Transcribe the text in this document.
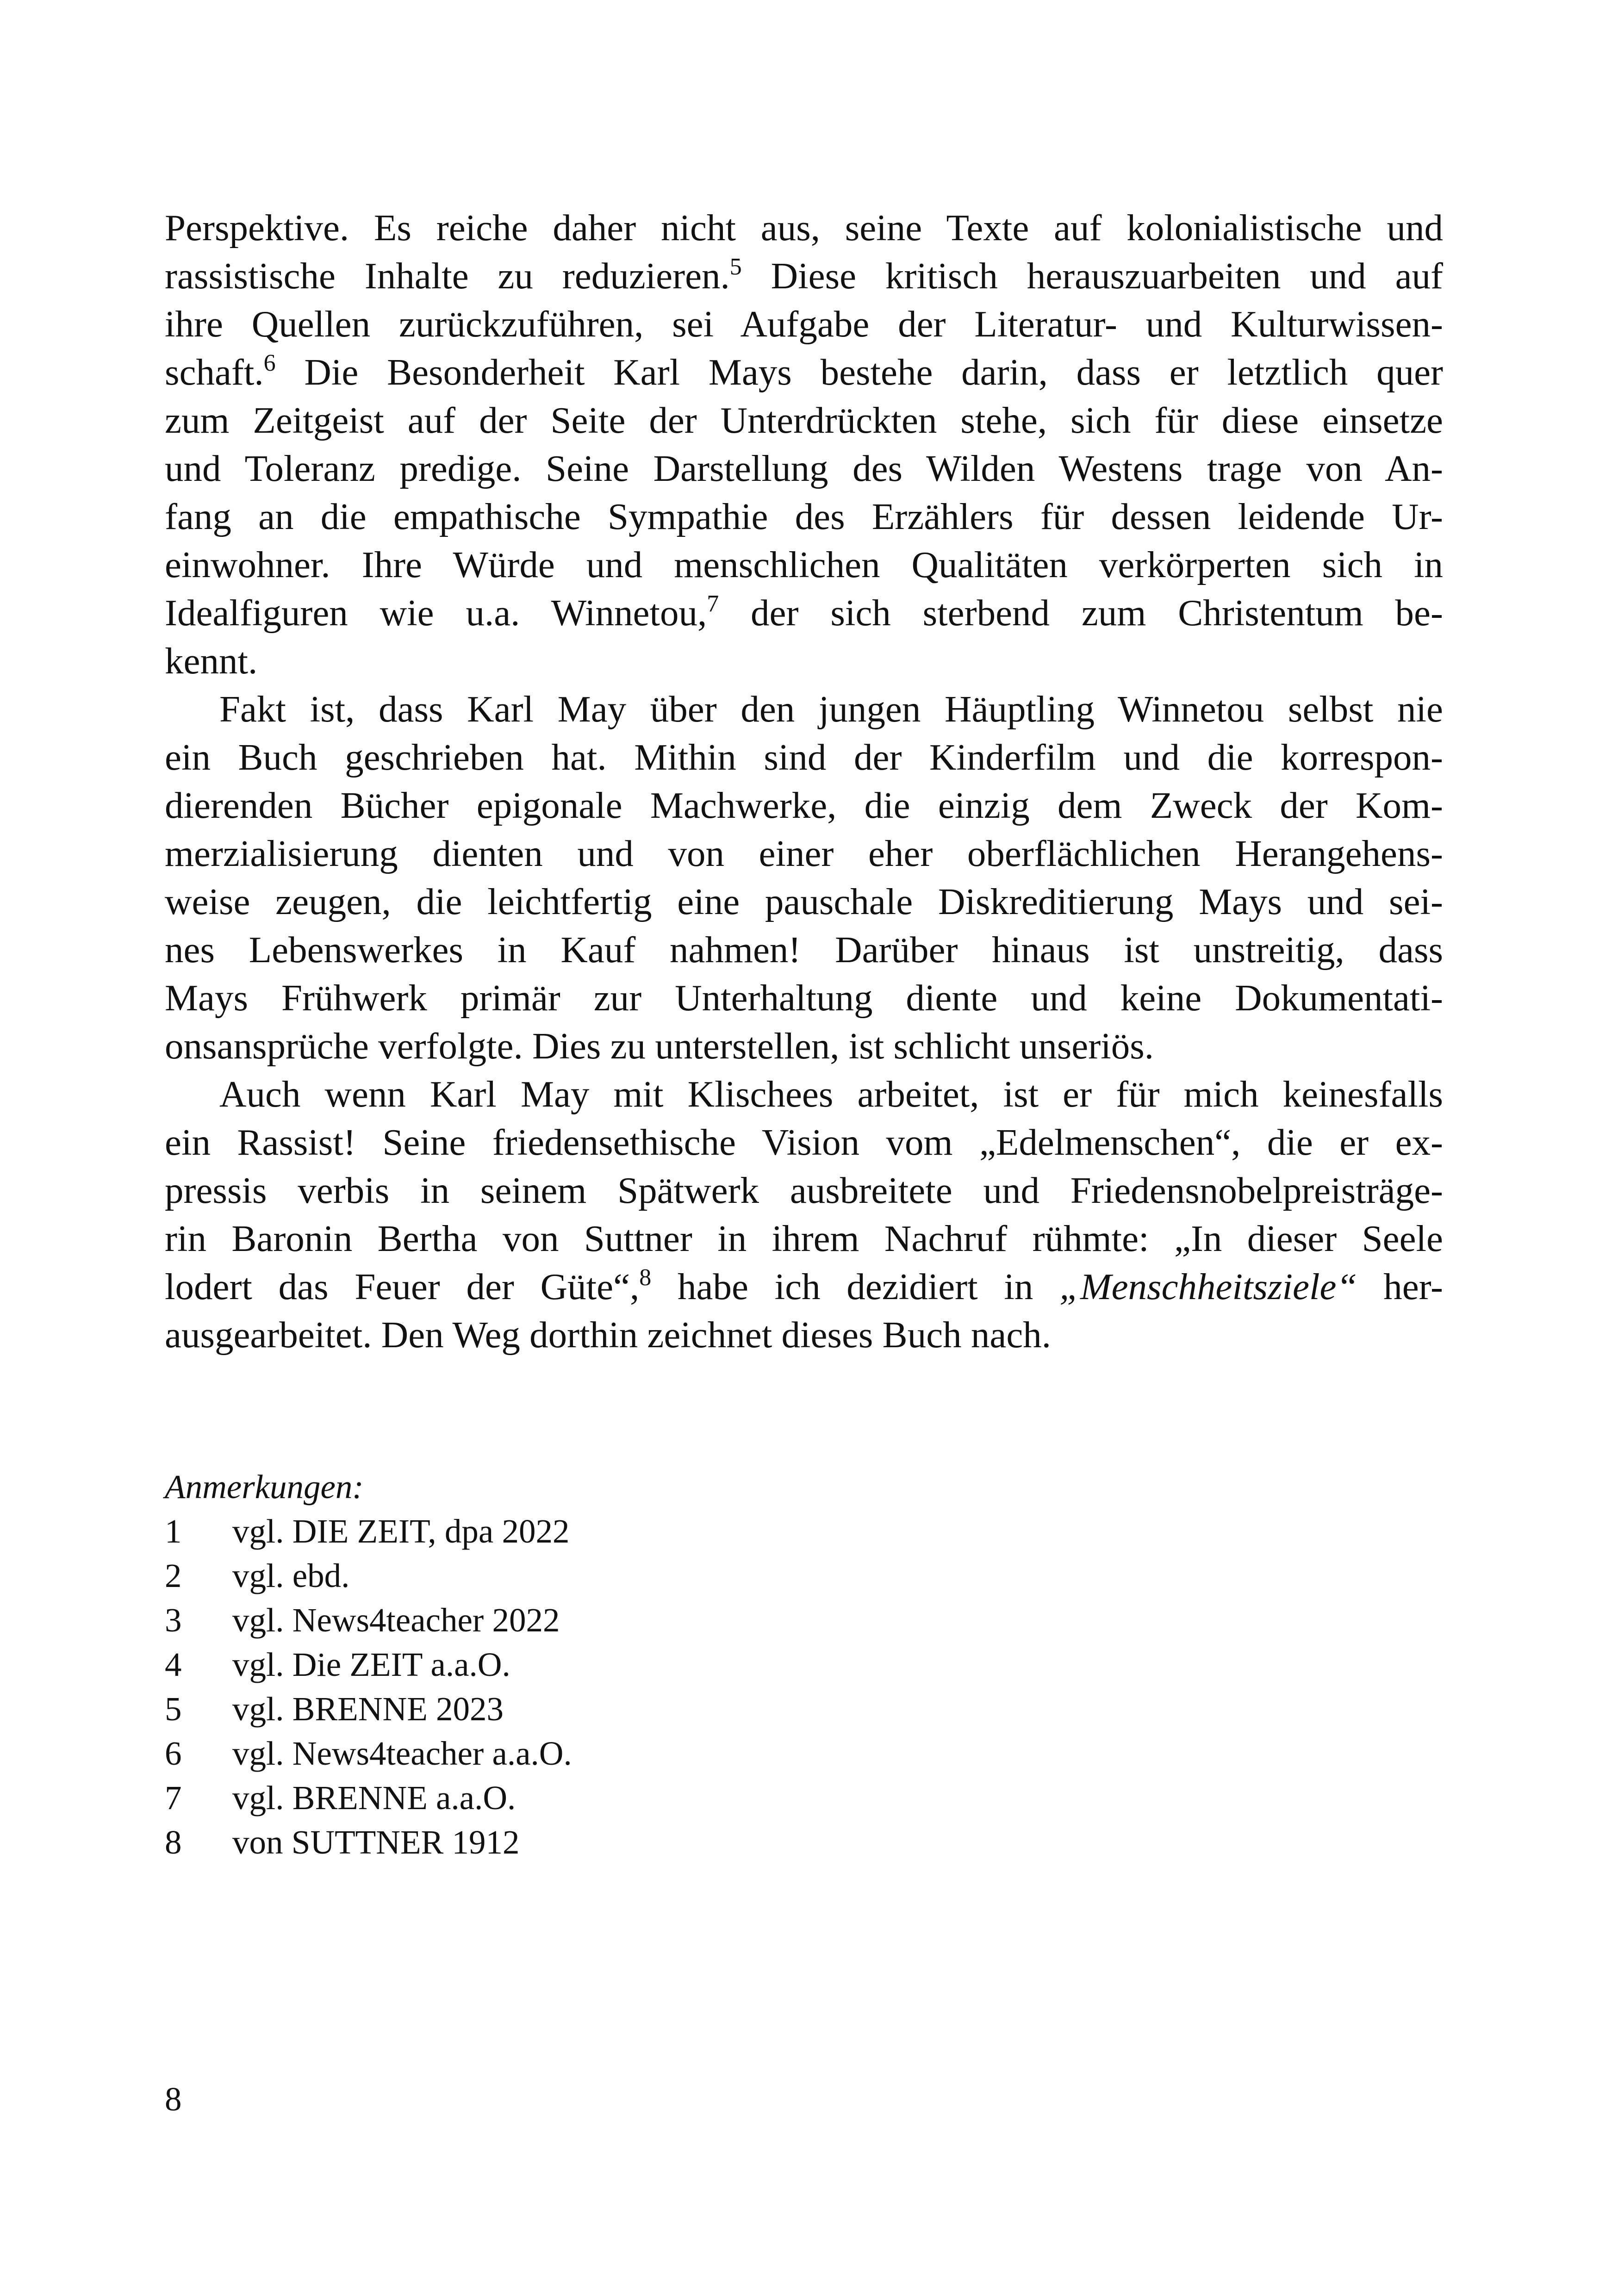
Perspektive. Es reiche daher nicht aus, seine Texte auf kolonialistische und
rassistische Inhalte zu reduzieren.$^5$ Diese kritisch herauszuarbeiten und auf
ihre Quellen zurückzuführen, sei Aufgabe der Literatur- und Kulturwissen-
schaft.$^6$ Die Besonderheit Karl Mays bestehe darin, dass er letztlich quer
zum Zeitgeist auf der Seite der Unterdrückten stehe, sich für diese einsetze
und Toleranz predige. Seine Darstellung des Wilden Westens trage von An-
fang an die empathische Sympathie des Erzählers für dessen leidende Ur-
einwohner. Ihre Würde und menschlichen Qualitäten verkörperten sich in
Idealfiguren wie u.a. Winnetou,$^7$ der sich sterbend zum Christentum be-
kennt.
Fakt ist, dass Karl May über den jungen Häuptling Winnetou selbst nie
ein Buch geschrieben hat. Mithin sind der Kinderfilm und die korrespon-
dierenden Bücher epigonale Machwerke, die einzig dem Zweck der Kom-
merzialisierung dienten und von einer eher oberflächlichen Herangehens-
weise zeugen, die leichtfertig eine pauschale Diskreditierung Mays und sei-
nes Lebenswerkes in Kauf nahmen! Darüber hinaus ist unstreitig, dass
Mays Frühwerk primär zur Unterhaltung diente und keine Dokumentati-
onsansprüche verfolgte. Dies zu unterstellen, ist schlicht unseriös.
Auch wenn Karl May mit Klischees arbeitet, ist er für mich keinesfalls
ein Rassist! Seine friedensethische Vision vom „Edelmenschen“, die er ex-
pressis verbis in seinem Spätwerk ausbreitete und Friedensnobelpreisträge-
rin Baronin Bertha von Suttner in ihrem Nachruf rühmte: „In dieser Seele
lodert das Feuer der Güte“,$^8$ habe ich dezidiert in „Menschheitsziele“ her-
ausgearbeitet. Den Weg dorthin zeichnet dieses Buch nach.
Anmerkungen:
1 vgl. DIE ZEIT, dpa 2022
2 vgl. ebd.
3 vgl. News4teacher 2022
4 vgl. Die ZEIT a.a.O.
5 vgl. BRENNE 2023
6 vgl. News4teacher a.a.O.
7 vgl. BRENNE a.a.O.
8 von SUTTNER 1912
8
